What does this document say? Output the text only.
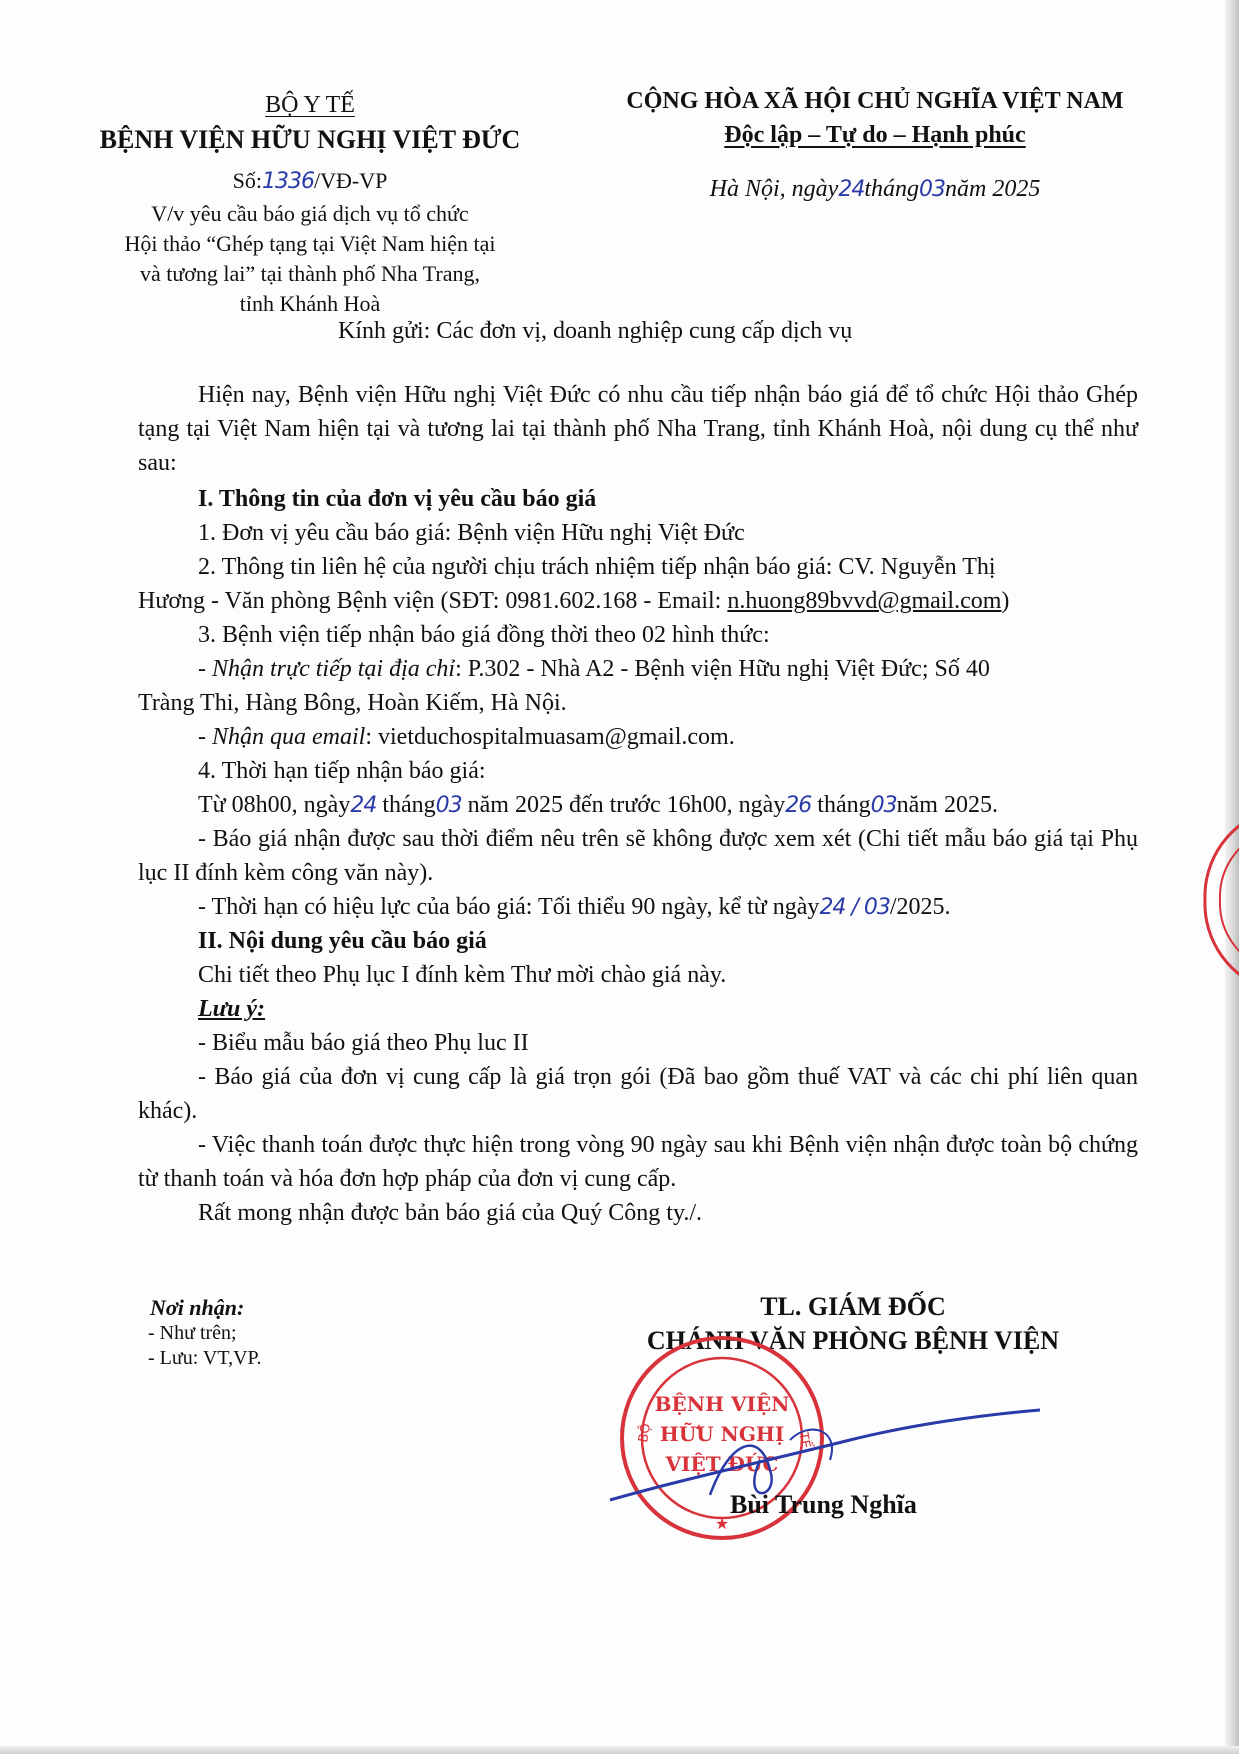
BỘ Y TẾ
BỆNH VIỆN HỮU NGHỊ VIỆT ĐỨC
Số:1336/VĐ-VP
V/v yêu cầu báo giá dịch vụ tổ chức
Hội thảo “Ghép tạng tại Việt Nam hiện tại
và tương lai” tại thành phố Nha Trang,
tỉnh Khánh Hoà
CỘNG HÒA XÃ HỘI CHỦ NGHĨA VIỆT NAM
Độc lập – Tự do – Hạnh phúc
Hà Nội, ngày24tháng03năm 2025
Kính gửi: Các đơn vị, doanh nghiệp cung cấp dịch vụ
Hiện nay, Bệnh viện Hữu nghị Việt Đức có nhu cầu tiếp nhận báo giá để tổ chức Hội thảo Ghép tạng tại Việt Nam hiện tại và tương lai tại thành phố Nha Trang, tỉnh Khánh Hoà, nội dung cụ thể như sau:
I. Thông tin của đơn vị yêu cầu báo giá
1. Đơn vị yêu cầu báo giá: Bệnh viện Hữu nghị Việt Đức
2. Thông tin liên hệ của người chịu trách nhiệm tiếp nhận báo giá: CV. Nguyễn Thị
Hương - Văn phòng Bệnh viện (SĐT: 0981.602.168 - Email: n.huong89bvvd@gmail.com)
3. Bệnh viện tiếp nhận báo giá đồng thời theo 02 hình thức:
- Nhận trực tiếp tại địa chỉ: P.302 - Nhà A2 - Bệnh viện Hữu nghị Việt Đức; Số 40
Tràng Thi, Hàng Bông, Hoàn Kiếm, Hà Nội.
- Nhận qua email: vietduchospitalmuasam@gmail.com.
4. Thời hạn tiếp nhận báo giá:
Từ 08h00, ngày24 tháng03 năm 2025 đến trước 16h00, ngày26 tháng03năm 2025.
- Báo giá nhận được sau thời điểm nêu trên sẽ không được xem xét (Chi tiết mẫu báo giá tại Phụ lục II đính kèm công văn này).
- Thời hạn có hiệu lực của báo giá: Tối thiểu 90 ngày, kể từ ngày24 / 03/2025.
II. Nội dung yêu cầu báo giá
Chi tiết theo Phụ lục I đính kèm Thư mời chào giá này.
Lưu ý:
- Biểu mẫu báo giá theo Phụ luc II
- Báo giá của đơn vị cung cấp là giá trọn gói (Đã bao gồm thuế VAT và các chi phí liên quan khác).
- Việc thanh toán được thực hiện trong vòng 90 ngày sau khi Bệnh viện nhận được toàn bộ chứng từ thanh toán và hóa đơn hợp pháp của đơn vị cung cấp.
Rất mong nhận được bản báo giá của Quý Công ty./.
Nơi nhận:
- Như trên;
- Lưu: VT,VP.
TL. GIÁM ĐỐC
CHÁNH VĂN PHÒNG BỆNH VIỆN
BỆNH VIỆN
HỮU NGHỊ
VIỆT ĐỨC
BỘ	TẾ
★
Bùi Trung Nghĩa
